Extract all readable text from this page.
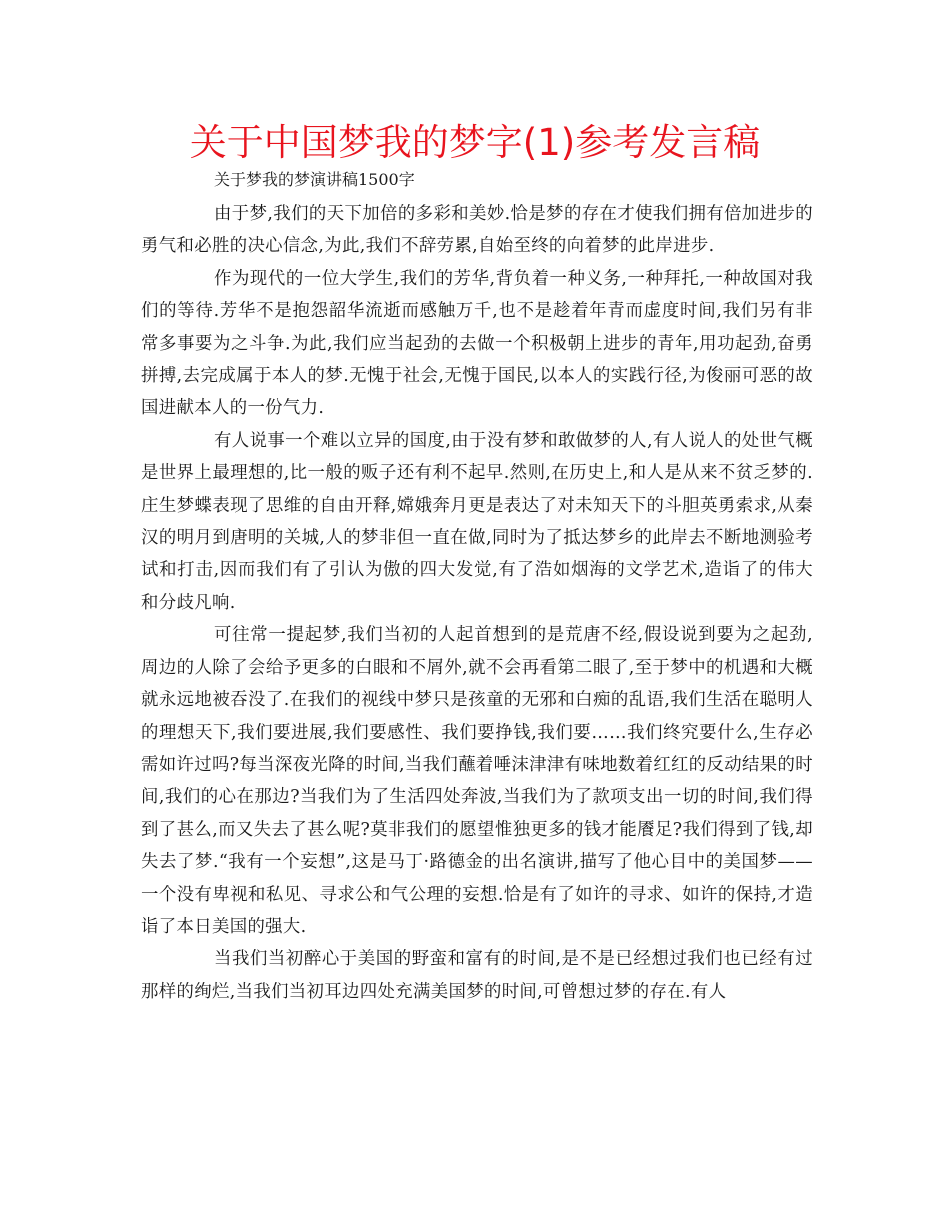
关于中国梦我的梦字(1)参考发言稿

关于梦我的梦演讲稿1500字

由于梦,我们的天下加倍的多彩和美妙.恰是梦的存在才使我们拥有倍加进步的勇气和必胜的决心信念,为此,我们不辞劳累,自始至终的向着梦的此岸进步.

作为现代的一位大学生,我们的芳华,背负着一种义务,一种拜托,一种故国对我们的等待.芳华不是抱怨韶华流逝而感触万千,也不是趁着年青而虚度时间,我们另有非常多事要为之斗争.为此,我们应当起劲的去做一个积极朝上进步的青年,用功起劲,奋勇拼搏,去完成属于本人的梦.无愧于社会,无愧于国民,以本人的实践行径,为俊丽可恶的故国进献本人的一份气力.

有人说事一个难以立异的国度,由于没有梦和敢做梦的人,有人说人的处世气概是世界上最理想的,比一般的贩子还有利不起早.然则,在历史上,和人是从来不贫乏梦的.庄生梦蝶表现了思维的自由开释,嫦娥奔月更是表达了对未知天下的斗胆英勇索求,从秦汉的明月到唐明的关城,人的梦非但一直在做,同时为了抵达梦乡的此岸去不断地测验考试和打击,因而我们有了引认为傲的四大发觉,有了浩如烟海的文学艺术,造诣了的伟大和分歧凡响.

可往常一提起梦,我们当初的人起首想到的是荒唐不经,假设说到要为之起劲,周边的人除了会给予更多的白眼和不屑外,就不会再看第二眼了,至于梦中的机遇和大概就永远地被吞没了.在我们的视线中梦只是孩童的无邪和白痴的乱语,我们生活在聪明人的理想天下,我们要进展,我们要感性、我们要挣钱,我们要……我们终究要什么,生存必需如许过吗?每当深夜光降的时间,当我们蘸着唾沫津津有味地数着红红的反动结果的时间,我们的心在那边?当我们为了生活四处奔波,当我们为了款项支出一切的时间,我们得到了甚么,而又失去了甚么呢?莫非我们的愿望惟独更多的钱才能餍足?我们得到了钱,却失去了梦.“我有一个妄想”,这是马丁·路德金的出名演讲,描写了他心目中的美国梦——一个没有卑视和私见、寻求公和气公理的妄想.恰是有了如许的寻求、如许的保持,才造诣了本日美国的强大.

当我们当初醉心于美国的野蛮和富有的时间,是不是已经想过我们也已经有过那样的绚烂,当我们当初耳边四处充满美国梦的时间,可曾想过梦的存在.有人
